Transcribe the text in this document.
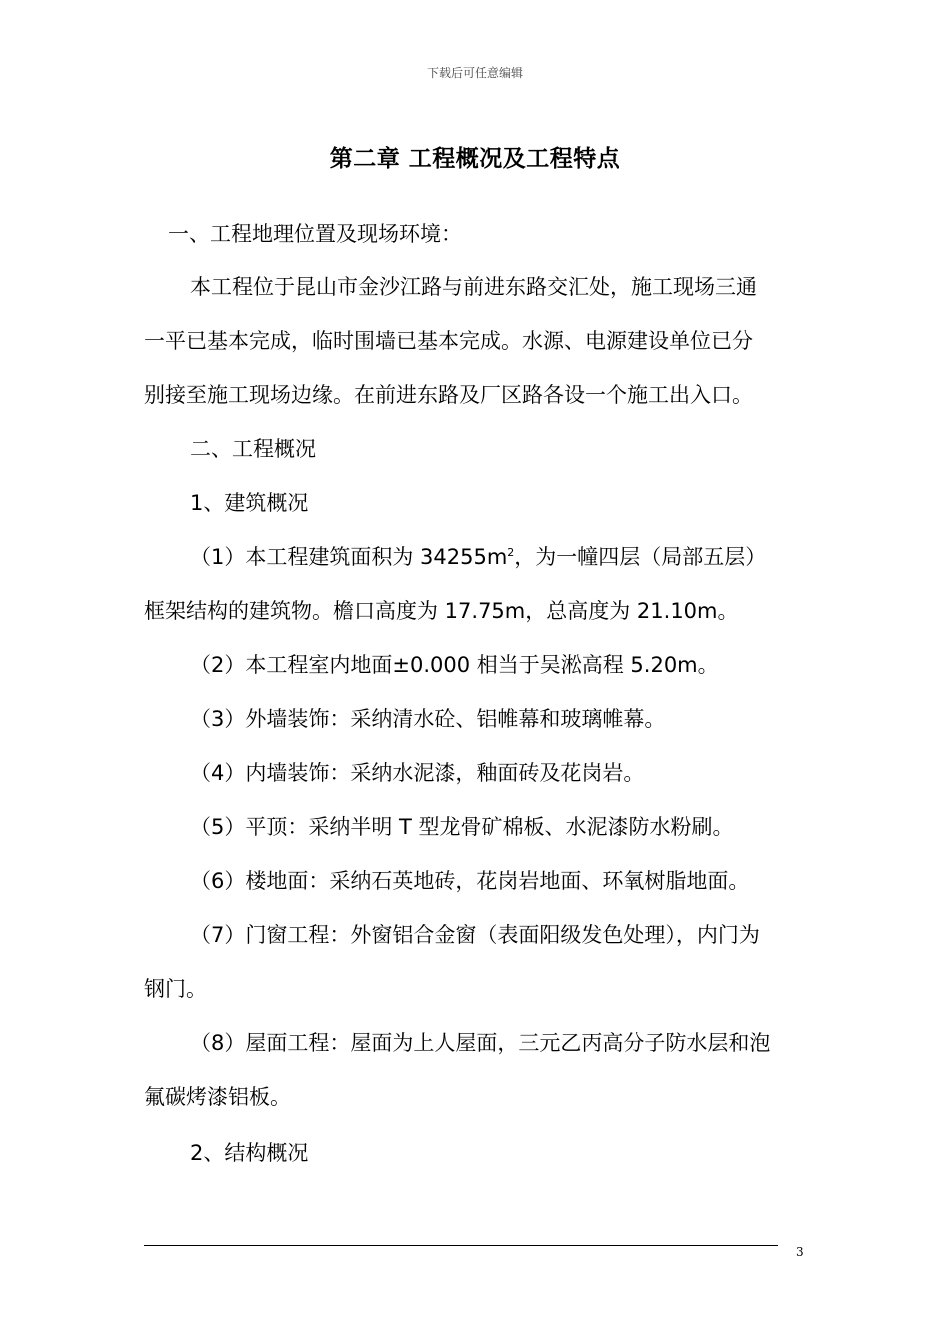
下载后可任意编辑
第二章 工程概况及工程特点
一、工程地理位置及现场环境：
本工程位于昆山市金沙江路与前进东路交汇处，施工现场三通
一平已基本完成，临时围墙已基本完成。水源、电源建设单位已分
别接至施工现场边缘。在前进东路及厂区路各设一个施工出入口。
二、工程概况
1、建筑概况
（1）本工程建筑面积为 $34255m^2$，为一幢四层（局部五层）
框架结构的建筑物。檐口高度为 17.75m，总高度为 21.10m。
（2）本工程室内地面±0.000 相当于吴淞高程 5.20m。
（3）外墙装饰：采纳清水砼、铝帷幕和玻璃帷幕。
（4）内墙装饰：采纳水泥漆，釉面砖及花岗岩。
（5）平顶：采纳半明 T 型龙骨矿棉板、水泥漆防水粉刷。
（6）楼地面：采纳石英地砖，花岗岩地面、环氧树脂地面。
（7）门窗工程：外窗铝合金窗（表面阳级发色处理），内门为
钢门。
（8）屋面工程：屋面为上人屋面，三元乙丙高分子防水层和泡
氟碳烤漆铝板。
2、结构概况
3
